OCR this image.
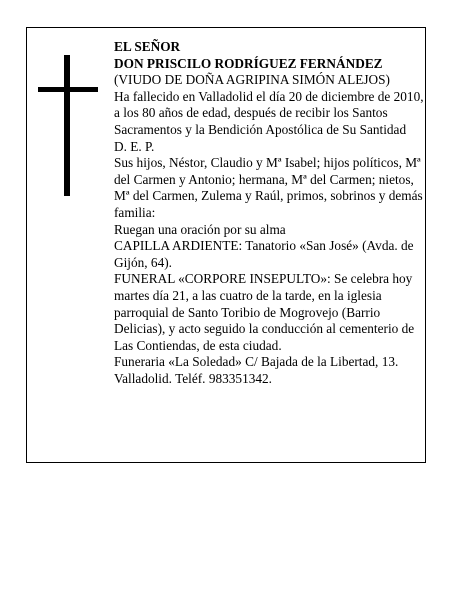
EL SEÑOR

DON PRISCILO RODRÍGUEZ FERNÁNDEZ

(VIUDO DE DOÑA AGRIPINA SIMÓN ALEJOS)

Ha fallecido en Valladolid el día 20 de diciembre de 2010, a los 80 años de edad, después de recibir los Santos Sacramentos y la Bendición Apostólica de Su Santidad

D. E. P.

Sus hijos, Néstor, Claudio y Mª Isabel; hijos políticos, Mª del Carmen y Antonio; hermana, Mª del Carmen; nietos, Mª del Carmen, Zulema y Raúl, primos, sobrinos y demás familia:

Ruegan una oración por su alma

CAPILLA ARDIENTE: Tanatorio «San José» (Avda. de Gijón, 64).

FUNERAL «CORPORE INSEPULTO»: Se celebra hoy martes día 21, a las cuatro de la tarde, en la iglesia parroquial de Santo Toribio de Mogrovejo (Barrio Delicias), y acto seguido la conducción al cementerio de Las Contiendas, de esta ciudad.

Funeraria «La Soledad» C/ Bajada de la Libertad, 13. Valladolid. Teléf. 983351342.
